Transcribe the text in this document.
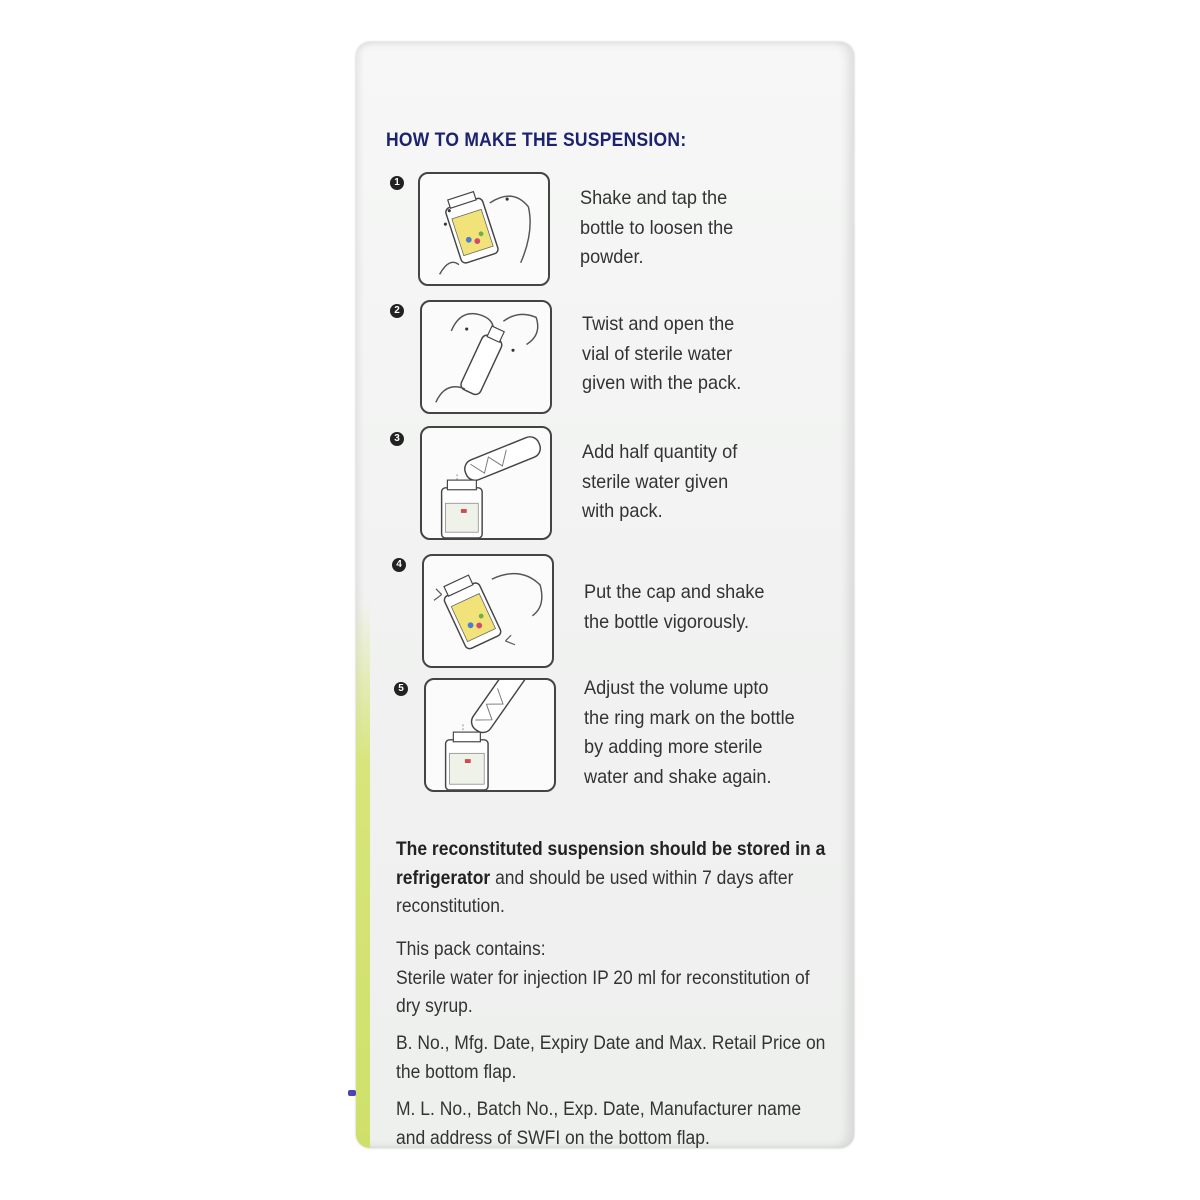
HOW TO MAKE THE SUSPENSION:
1
Shake and tap the
bottle to loosen the
powder.
2
Twist and open the
vial of sterile water
given with the pack.
3
Add half quantity of
sterile water given
with pack.
4
Put the cap and shake
the bottle vigorously.
5	Adjust the volume upto
the ring mark on the bottle
by adding more sterile
water and shake again.
The reconstituted suspension should be stored in a refrigerator and should be used within 7 days after reconstitution.
This pack contains:
Sterile water for injection IP 20 ml for reconstitution of dry syrup.
B. No., Mfg. Date, Expiry Date and Max. Retail Price on the bottom flap.
M. L. No., Batch No., Exp. Date, Manufacturer name and address of SWFI on the bottom flap.
